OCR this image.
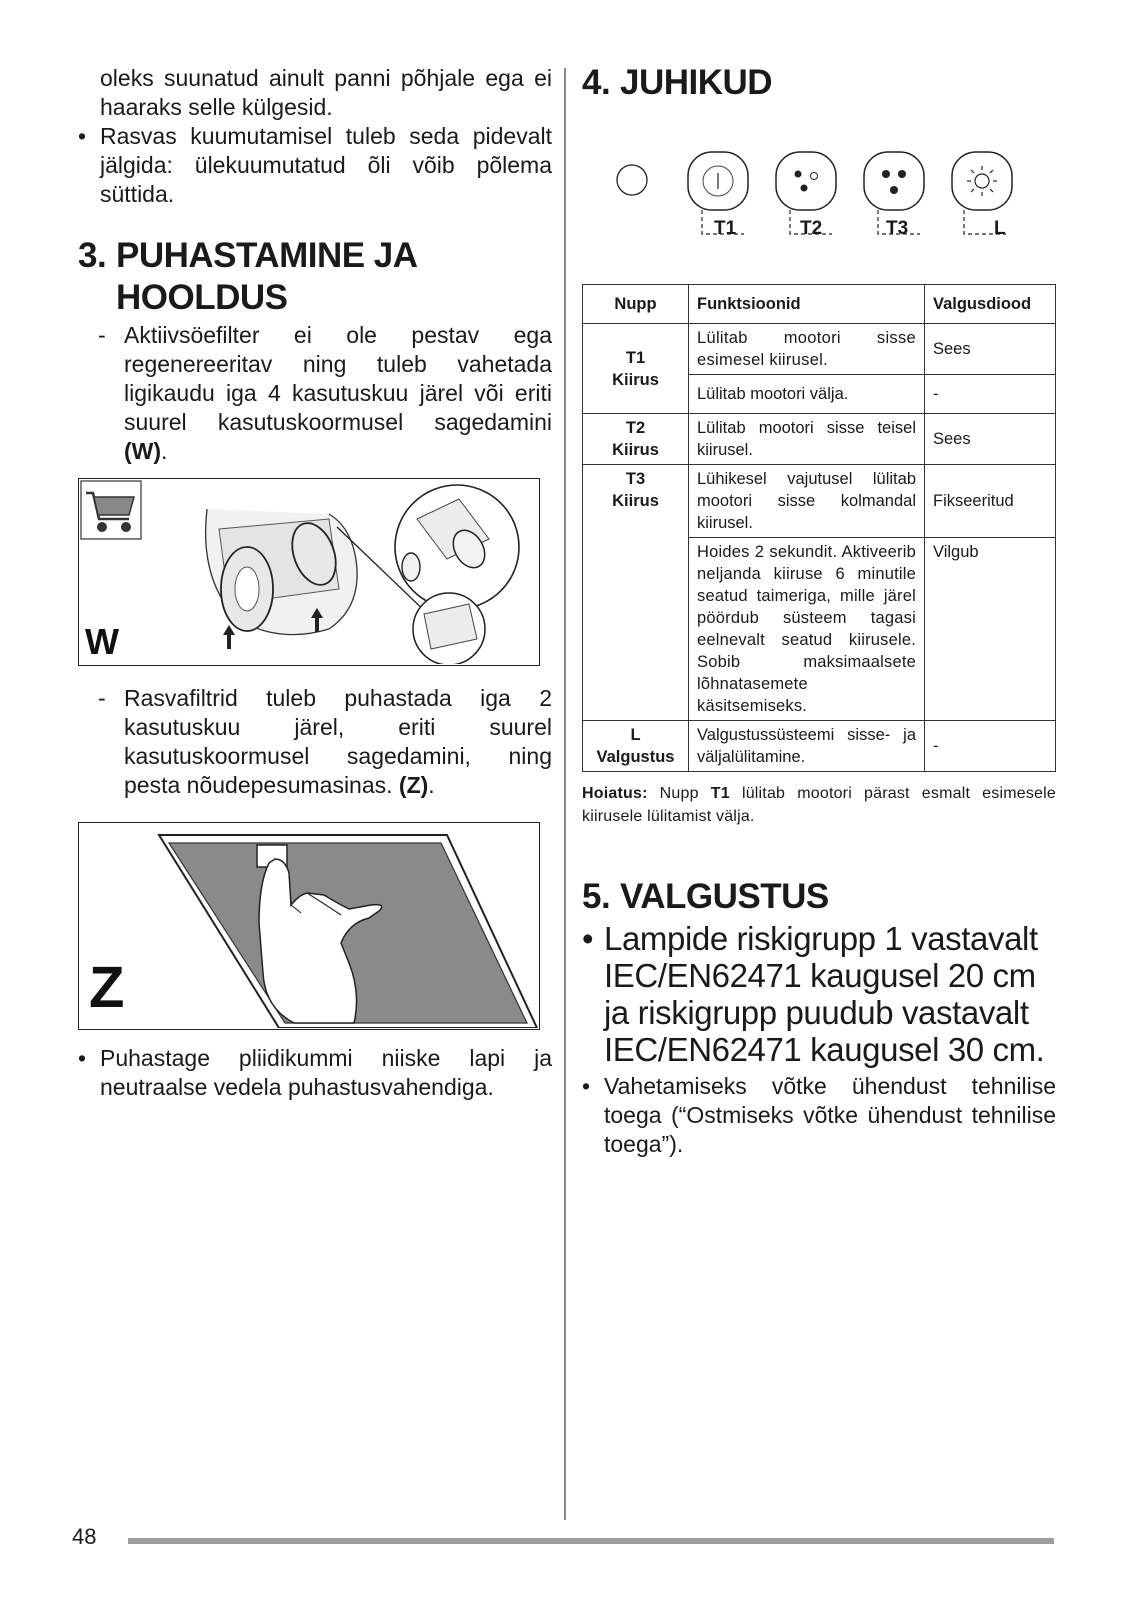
oleks suunatud ainult panni põhjale ega ei haaraks selle külgesid.

• Rasvas kuumutamisel tuleb seda pidevalt jälgida: ülekuumutatud õli võib põlema süttida.

3. PUHASTAMINE JA
HOOLDUS

- Aktiivsöefilter ei ole pestav ega regenereeritav ning tuleb vahetada ligikaudu iga 4 kasutuskuu järel või eriti suurel kasutuskoormusel sagedamini (W).

W

- Rasvafiltrid tuleb puhastada iga 2 kasutuskuu järel, eriti suurel kasutuskoormusel sagedamini, ning pesta nõudepesumasinas. (Z).

Z

• Puhastage pliidikummi niiske lapi ja neutraalse vedela puhastusvahendiga.

4. JUHIKUD
T1	T2	T3	L
Nupp	Funktsioonid	Valgusdiood

T1
Kiirus	Lülitab mootori sisse esimesel kiirusel.	Sees
	Lülitab mootori välja.	-

T2
Kiirus	Lülitab mootori sisse teisel kiirusel.	Sees

T3
Kiirus	Lühikesel vajutusel lülitab mootori sisse kolmandal kiirusel.	Fikseeritud
	Hoides 2 sekundit. Aktiveerib neljanda kiiruse 6 minutile seatud taimeriga, mille järel pöördub süsteem tagasi eelnevalt seatud kiirusele. Sobib maksimaalsete lõhnatasemete käsitsemiseks.	Vilgub

L
Valgustus	Valgustussüsteemi sisse- ja väljalülitamine.	-

Hoiatus: Nupp T1 lülitab mootori pärast esmalt esimesele kiirusele lülitamist välja.

5. VALGUSTUS

• Lampide riskigrupp 1 vastavalt IEC/EN62471 kaugusel 20 cm ja riskigrupp puudub vastavalt IEC/EN62471 kaugusel 30 cm.

• Vahetamiseks võtke ühendust tehnilise toega (“Ostmiseks võtke ühendust tehnilise toega”).

48
